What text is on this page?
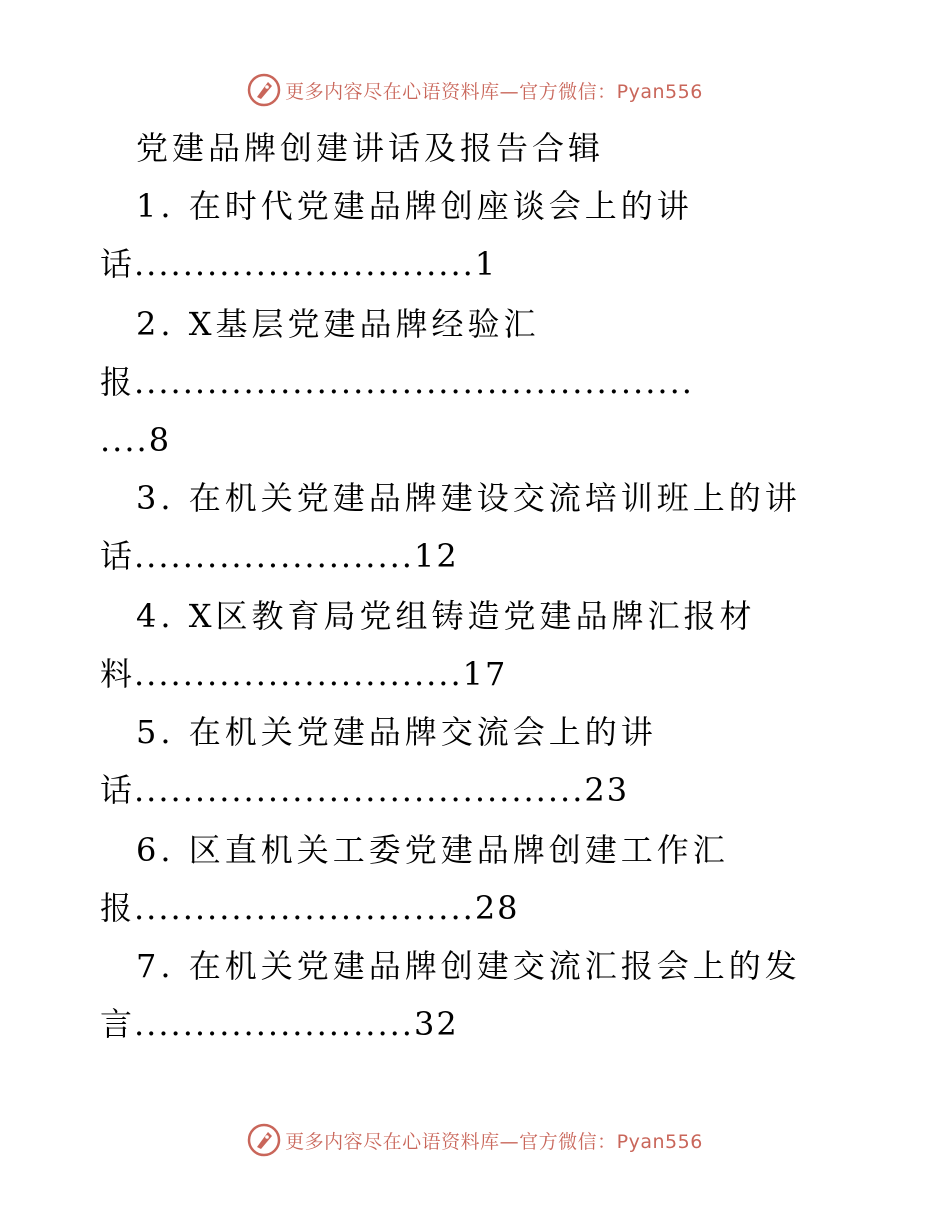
更多内容尽在心语资料库—官方微信：Pyan556
党建品牌创建讲话及报告合辑
1. 在时代党建品牌创座谈会上的讲
话............................1
2. X基层党建品牌经验汇
报..............................................
....8
3. 在机关党建品牌建设交流培训班上的讲
话.......................12
4. X区教育局党组铸造党建品牌汇报材
料...........................17
5. 在机关党建品牌交流会上的讲
话.....................................23
6. 区直机关工委党建品牌创建工作汇
报............................28
7. 在机关党建品牌创建交流汇报会上的发
言.......................32
更多内容尽在心语资料库—官方微信：Pyan556
